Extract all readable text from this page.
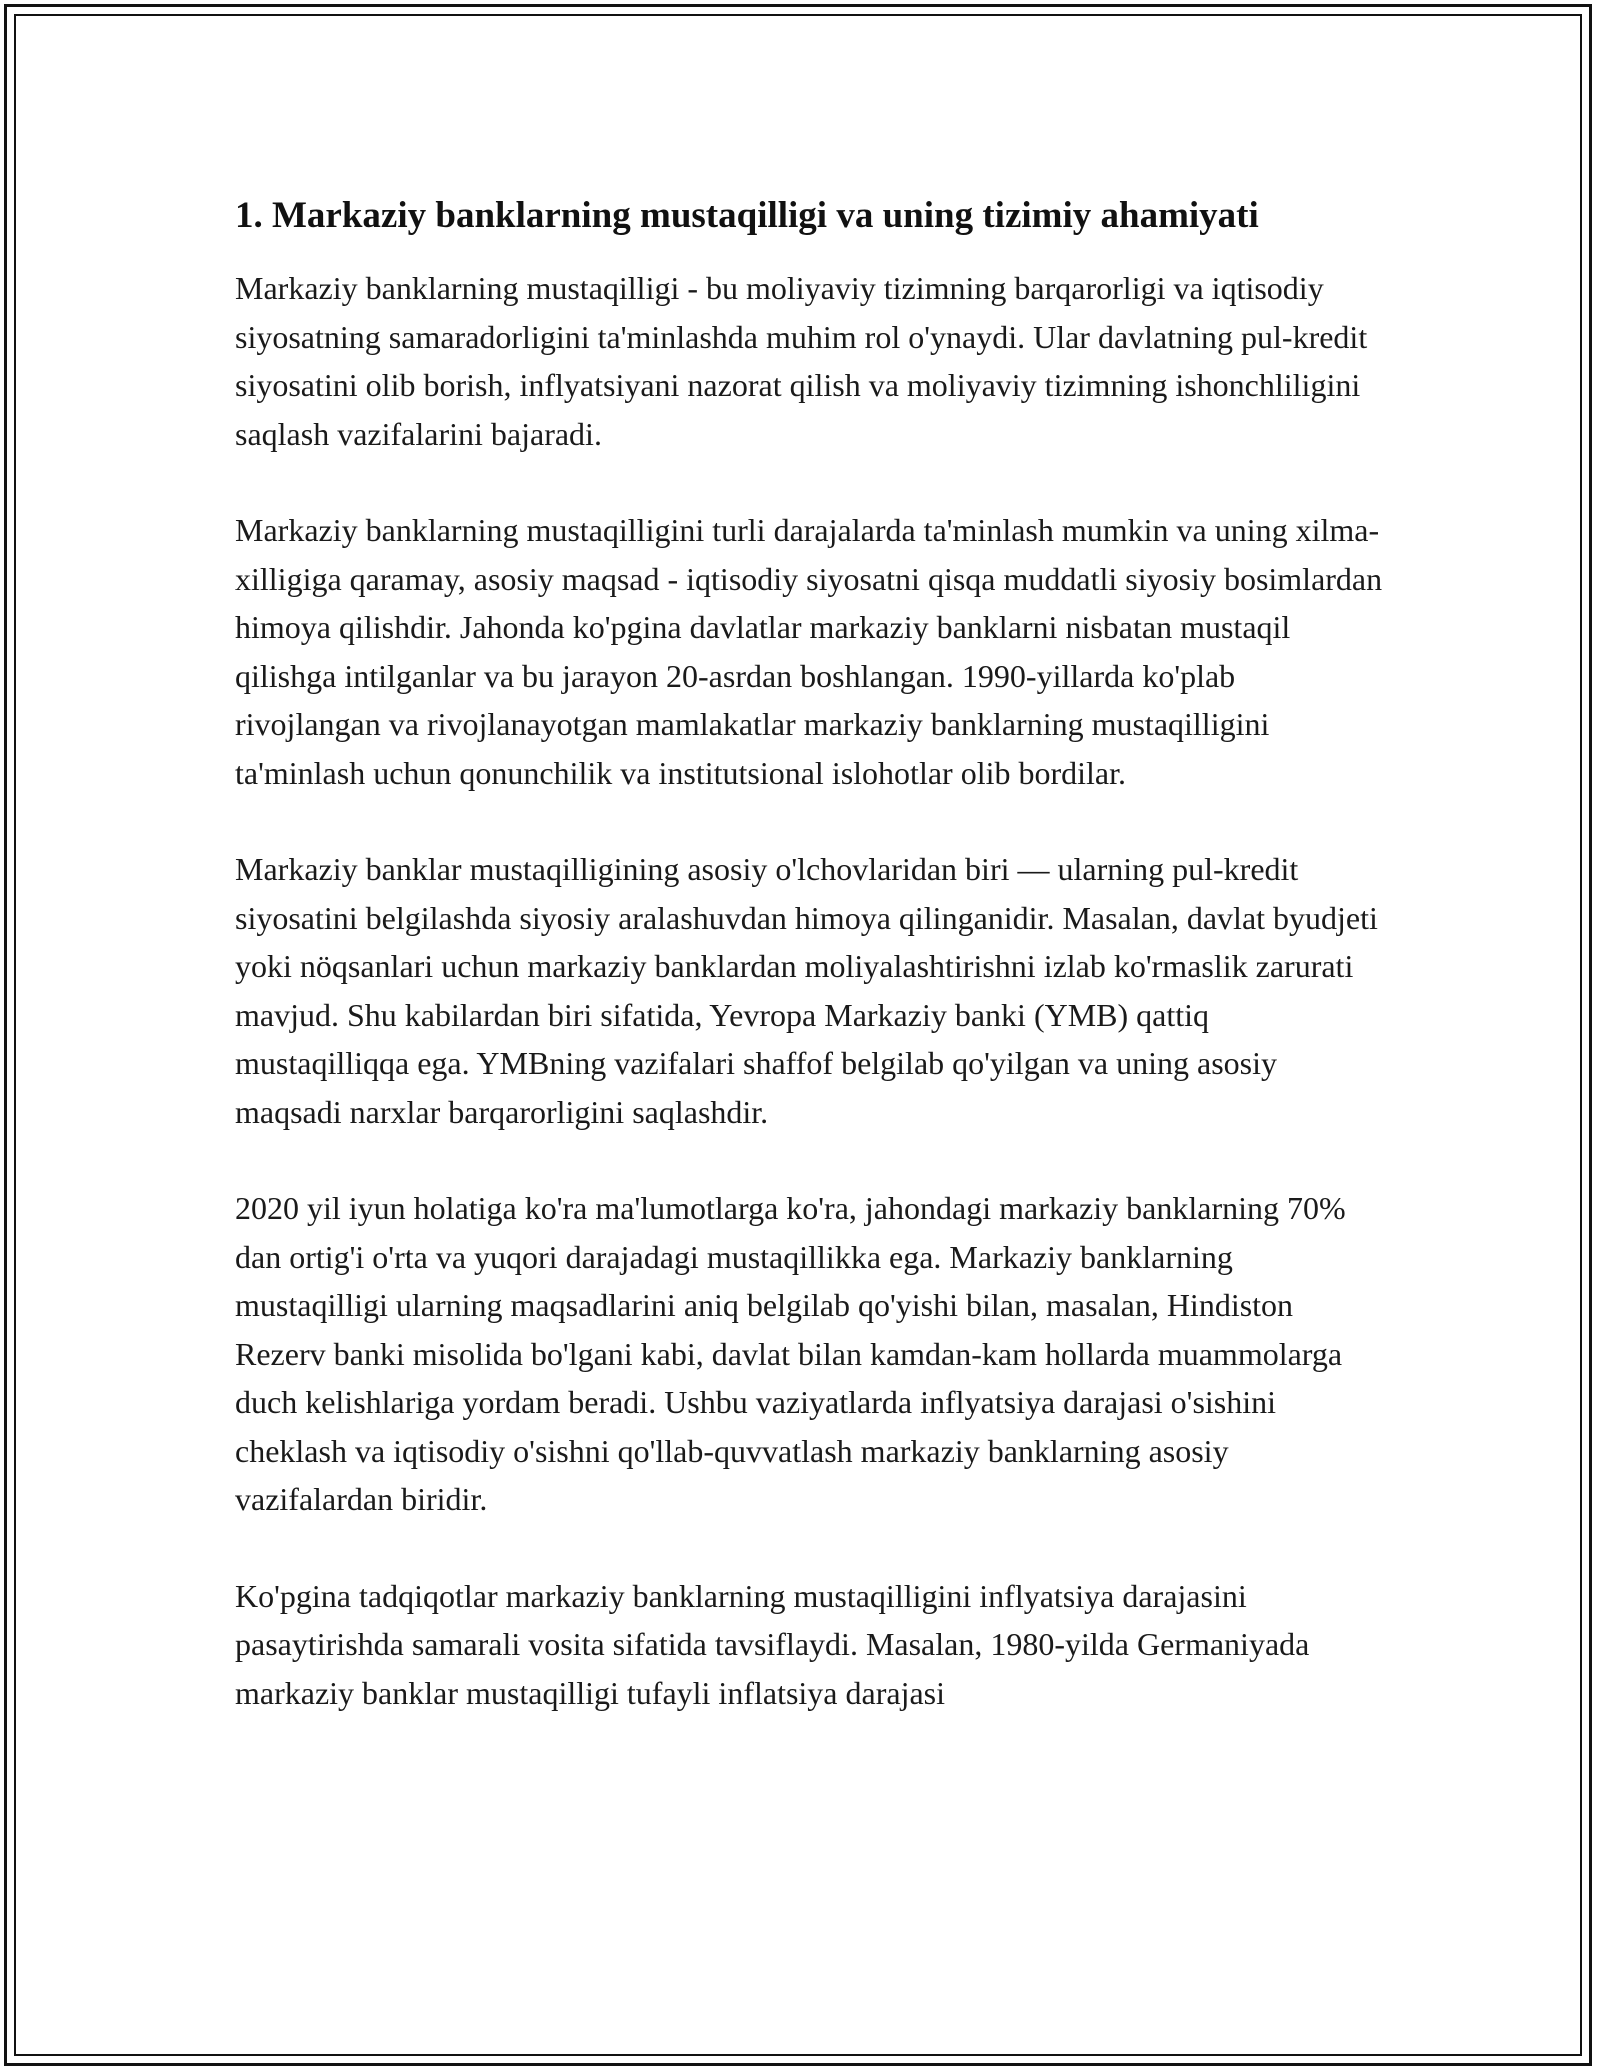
1. Markaziy banklarning mustaqilligi va uning tizimiy ahamiyati

Markaziy banklarning mustaqilligi - bu moliyaviy tizimning barqarorligi va iqtisodiy siyosatning samaradorligini ta'minlashda muhim rol o'ynaydi. Ular davlatning pul-kredit siyosatini olib borish, inflyatsiyani nazorat qilish va moliyaviy tizimning ishonchliligini saqlash vazifalarini bajaradi.

Markaziy banklarning mustaqilligini turli darajalarda ta'minlash mumkin va uning xilma-xilligiga qaramay, asosiy maqsad - iqtisodiy siyosatni qisqa muddatli siyosiy bosimlardan himoya qilishdir. Jahonda ko'pgina davlatlar markaziy banklarni nisbatan mustaqil qilishga intilganlar va bu jarayon 20-asrdan boshlangan. 1990-yillarda ko'plab rivojlangan va rivojlanayotgan mamlakatlar markaziy banklarning mustaqilligini ta'minlash uchun qonunchilik va institutsional islohotlar olib bordilar.

Markaziy banklar mustaqilligining asosiy o'lchovlaridan biri — ularning pul-kredit siyosatini belgilashda siyosiy aralashuvdan himoya qilinganidir. Masalan, davlat byudjeti yoki nöqsanlari uchun markaziy banklardan moliyalashtirishni izlab ko'rmaslik zarurati mavjud. Shu kabilardan biri sifatida, Yevropa Markaziy banki (YMB) qattiq mustaqilliqqa ega. YMBning vazifalari shaffof belgilab qo'yilgan va uning asosiy maqsadi narxlar barqarorligini saqlashdir.

2020 yil iyun holatiga ko'ra ma'lumotlarga ko'ra, jahondagi markaziy banklarning 70% dan ortig'i o'rta va yuqori darajadagi mustaqillikka ega. Markaziy banklarning mustaqilligi ularning maqsadlarini aniq belgilab qo'yishi bilan, masalan, Hindiston Rezerv banki misolida bo'lgani kabi, davlat bilan kamdan-kam hollarda muammolarga duch kelishlariga yordam beradi. Ushbu vaziyatlarda inflyatsiya darajasi o'sishini cheklash va iqtisodiy o'sishni qo'llab-quvvatlash markaziy banklarning asosiy vazifalardan biridir.

Ko'pgina tadqiqotlar markaziy banklarning mustaqilligini inflyatsiya darajasini pasaytirishda samarali vosita sifatida tavsiflaydi. Masalan, 1980-yilda Germaniyada markaziy banklar mustaqilligi tufayli inflatsiya darajasi
